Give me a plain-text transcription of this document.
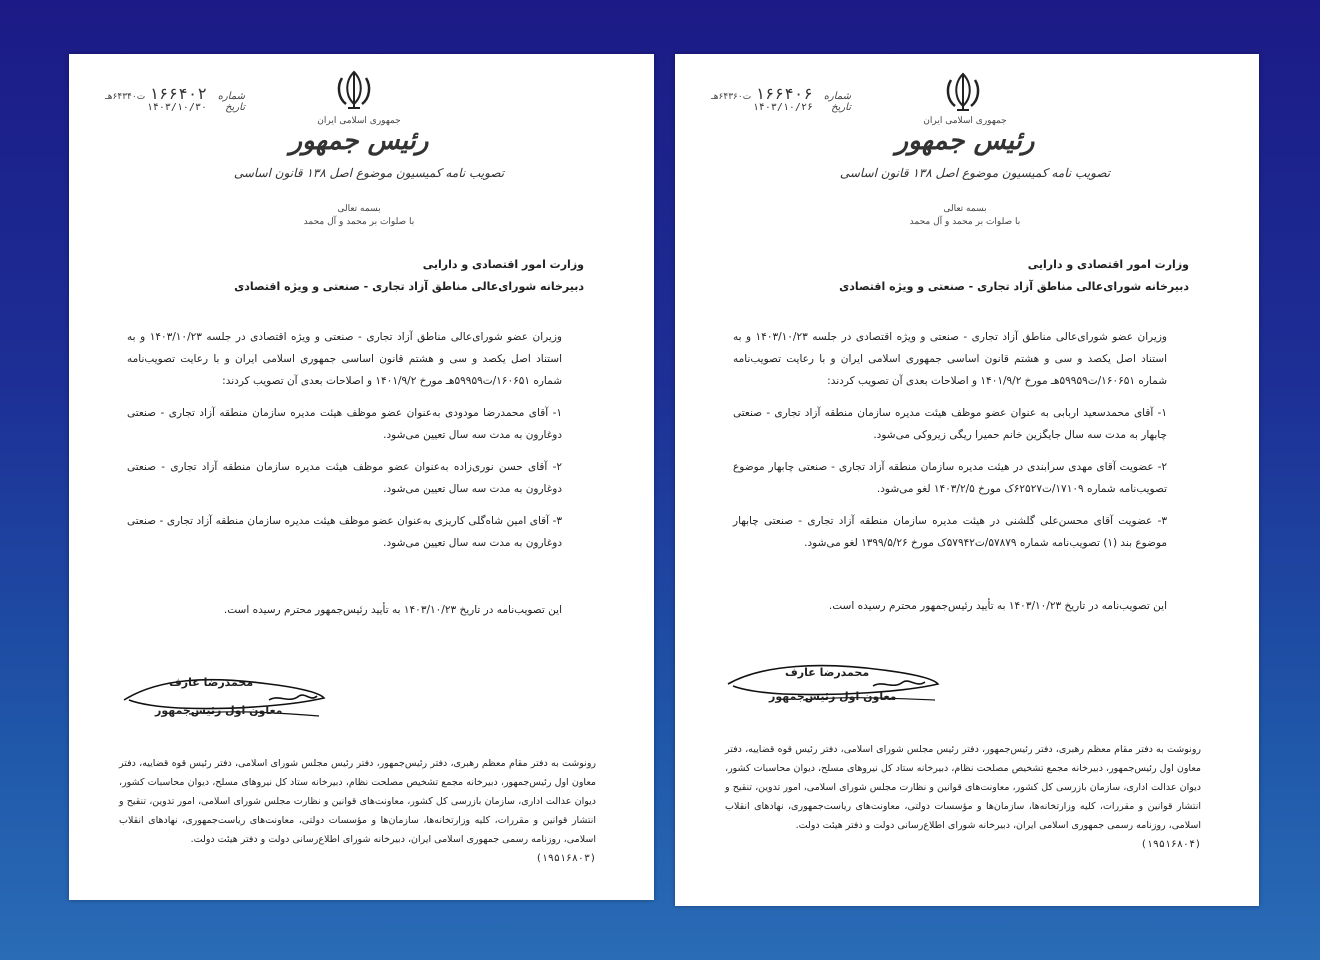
جمهوری اسلامی ایران
رئیس جمهور
تصویب نامه کمیسیون موضوع اصل ۱۳۸ قانون اساسی
بسمه تعالی
با صلوات بر محمد و آل محمد
شماره
۱۶۶۴۰۲
ت۶۴۳۴۰هـ
تاریخ
۱۴۰۳/۱۰/۳۰
وزارت امور اقتصادی و دارایی
دبیرخانه شورای‌عالی مناطق آزاد تجاری - صنعتی و ویژه اقتصادی

وزیران عضو شورای‌عالی مناطق آزاد تجاری - صنعتی و ویژه اقتصادی در جلسه ۱۴۰۳/۱۰/۲۳ و به استناد اصل یکصد و سی و هشتم قانون اساسی جمهوری اسلامی ایران و با رعایت تصویب‌نامه شماره ۱۶۰۶۵۱/ت۵۹۹۵۹هـ مورخ ۱۴۰۱/۹/۲ و اصلاحات بعدی آن تصویب کردند:

۱- آقای محمدرضا مودودی به‌عنوان عضو موظف هیئت مدیره سازمان منطقه آزاد تجاری - صنعتی دوغارون به مدت سه سال تعیین می‌شود.

۲- آقای حسن نوری‌زاده به‌عنوان عضو موظف هیئت مدیره سازمان منطقه آزاد تجاری - صنعتی دوغارون به مدت سه سال تعیین می‌شود.

۳- آقای امین شاه‌گلی کاریزی به‌عنوان عضو موظف هیئت مدیره سازمان منطقه آزاد تجاری - صنعتی دوغارون به مدت سه سال تعیین می‌شود.

این تصویب‌نامه در تاریخ ۱۴۰۳/۱۰/۲۳ به تأیید رئیس‌جمهور محترم رسیده است.
محمدرضا عارف
معاون اول رئیس‌جمهور
رونوشت به دفتر مقام معظم رهبری، دفتر رئیس‌جمهور، دفتر رئیس مجلس شورای اسلامی، دفتر رئیس قوه قضاییه، دفتر معاون اول رئیس‌جمهور، دبیرخانه مجمع تشخیص مصلحت نظام، دبیرخانه ستاد کل نیروهای مسلح، دیوان محاسبات کشور، دیوان عدالت اداری، سازمان بازرسی کل کشور، معاونت‌های قوانین و نظارت مجلس شورای اسلامی، امور تدوین، تنقیح و انتشار قوانین و مقررات، کلیه وزارتخانه‌ها، سازمان‌ها و مؤسسات دولتی، معاونت‌های ریاست‌جمهوری، نهادهای انقلاب اسلامی، روزنامه رسمی جمهوری اسلامی ایران، دبیرخانه شورای اطلاع‌رسانی دولت و دفتر هیئت دولت.
(۱۹۵۱۶۸۰۳)
جمهوری اسلامی ایران
رئیس جمهور
تصویب نامه کمیسیون موضوع اصل ۱۳۸ قانون اساسی
بسمه تعالی
با صلوات بر محمد و آل محمد
شماره
۱۶۶۴۰۶
ت۶۴۳۶۰هـ
تاریخ
۱۴۰۳/۱۰/۲۶
وزارت امور اقتصادی و دارایی
دبیرخانه شورای‌عالی مناطق آزاد تجاری - صنعتی و ویژه اقتصادی

وزیران عضو شورای‌عالی مناطق آزاد تجاری - صنعتی و ویژه اقتصادی در جلسه ۱۴۰۳/۱۰/۲۳ و به استناد اصل یکصد و سی و هشتم قانون اساسی جمهوری اسلامی ایران و با رعایت تصویب‌نامه شماره ۱۶۰۶۵۱/ت۵۹۹۵۹هـ مورخ ۱۴۰۱/۹/۲ و اصلاحات بعدی آن تصویب کردند:

۱- آقای محمدسعید اربابی به عنوان عضو موظف هیئت مدیره سازمان منطقه آزاد تجاری - صنعتی چابهار به مدت سه سال جایگزین خانم حمیرا ریگی زیروکی می‌شود.

۲- عضویت آقای مهدی سرابندی در هیئت مدیره سازمان منطقه آزاد تجاری - صنعتی چابهار موضوع تصویب‌نامه شماره ۱۷۱۰۹/ت۶۲۵۲۷ک مورخ ۱۴۰۳/۲/۵ لغو می‌شود.

۳- عضویت آقای محسن‌علی گلشنی در هیئت مدیره سازمان منطقه آزاد تجاری - صنعتی چابهار موضوع بند (۱) تصویب‌نامه شماره ۵۷۸۷۹/ت۵۷۹۴۲ک مورخ ۱۳۹۹/۵/۲۶ لغو می‌شود.

این تصویب‌نامه در تاریخ ۱۴۰۳/۱۰/۲۳ به تأیید رئیس‌جمهور محترم رسیده است.
محمدرضا عارف
معاون اول رئیس‌جمهور
رونوشت به دفتر مقام معظم رهبری، دفتر رئیس‌جمهور، دفتر رئیس مجلس شورای اسلامی، دفتر رئیس قوه قضاییه، دفتر معاون اول رئیس‌جمهور، دبیرخانه مجمع تشخیص مصلحت نظام، دبیرخانه ستاد کل نیروهای مسلح، دیوان محاسبات کشور، دیوان عدالت اداری، سازمان بازرسی کل کشور، معاونت‌های قوانین و نظارت مجلس شورای اسلامی، امور تدوین، تنقیح و انتشار قوانین و مقررات، کلیه وزارتخانه‌ها، سازمان‌ها و مؤسسات دولتی، معاونت‌های ریاست‌جمهوری، نهادهای انقلاب اسلامی، روزنامه رسمی جمهوری اسلامی ایران، دبیرخانه شورای اطلاع‌رسانی دولت و دفتر هیئت دولت.
(۱۹۵۱۶۸۰۴)
